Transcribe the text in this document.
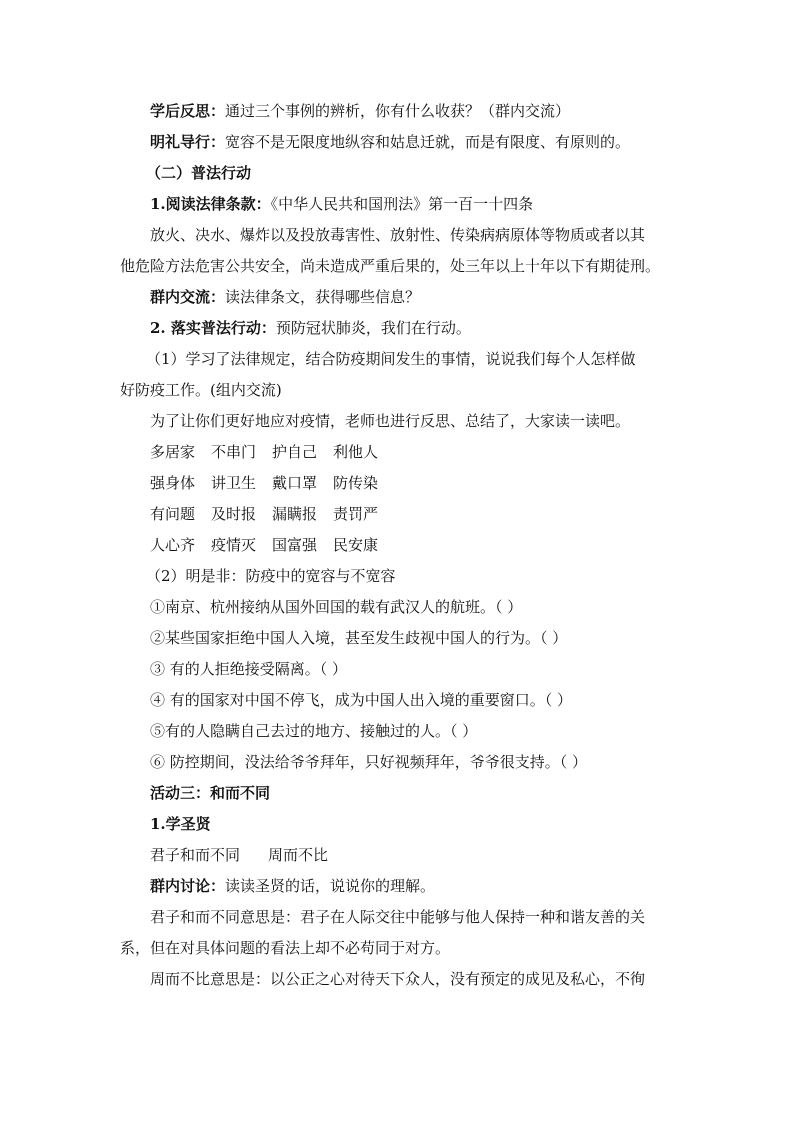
学后反思：通过三个事例的辨析，你有什么收获？（群内交流）
明礼导行：宽容不是无限度地纵容和姑息迁就，而是有限度、有原则的。
（二）普法行动
1.阅读法律条款：《中华人民共和国刑法》第一百一十四条
放火、决水、爆炸以及投放毒害性、放射性、传染病病原体等物质或者以其
他危险方法危害公共安全，尚未造成严重后果的，处三年以上十年以下有期徒刑。
群内交流：读法律条文，获得哪些信息？
2. 落实普法行动：预防冠状肺炎，我们在行动。
（1）学习了法律规定，结合防疫期间发生的事情，说说我们每个人怎样做
好防疫工作。(组内交流)
为了让你们更好地应对疫情，老师也进行反思、总结了，大家读一读吧。
多居家 不串门 护自己 利他人
强身体 讲卫生 戴口罩 防传染
有问题 及时报 漏瞒报 责罚严
人心齐 疫情灭 国富强 民安康
（2）明是非：防疫中的宽容与不宽容
①南京、杭州接纳从国外回国的载有武汉人的航班。（ ）
②某些国家拒绝中国人入境，甚至发生歧视中国人的行为。（ ）
③ 有的人拒绝接受隔离。（ ）
④ 有的国家对中国不停飞，成为中国人出入境的重要窗口。（ ）
⑤有的人隐瞒自己去过的地方、接触过的人。（ ）
⑥ 防控期间，没法给爷爷拜年，只好视频拜年，爷爷很支持。（ ）
活动三：和而不同
1.学圣贤
君子和而不同 周而不比
群内讨论：读读圣贤的话，说说你的理解。
君子和而不同意思是：君子在人际交往中能够与他人保持一种和谐友善的关
系，但在对具体问题的看法上却不必苟同于对方。
周而不比意思是：以公正之心对待天下众人，没有预定的成见及私心，不徇
